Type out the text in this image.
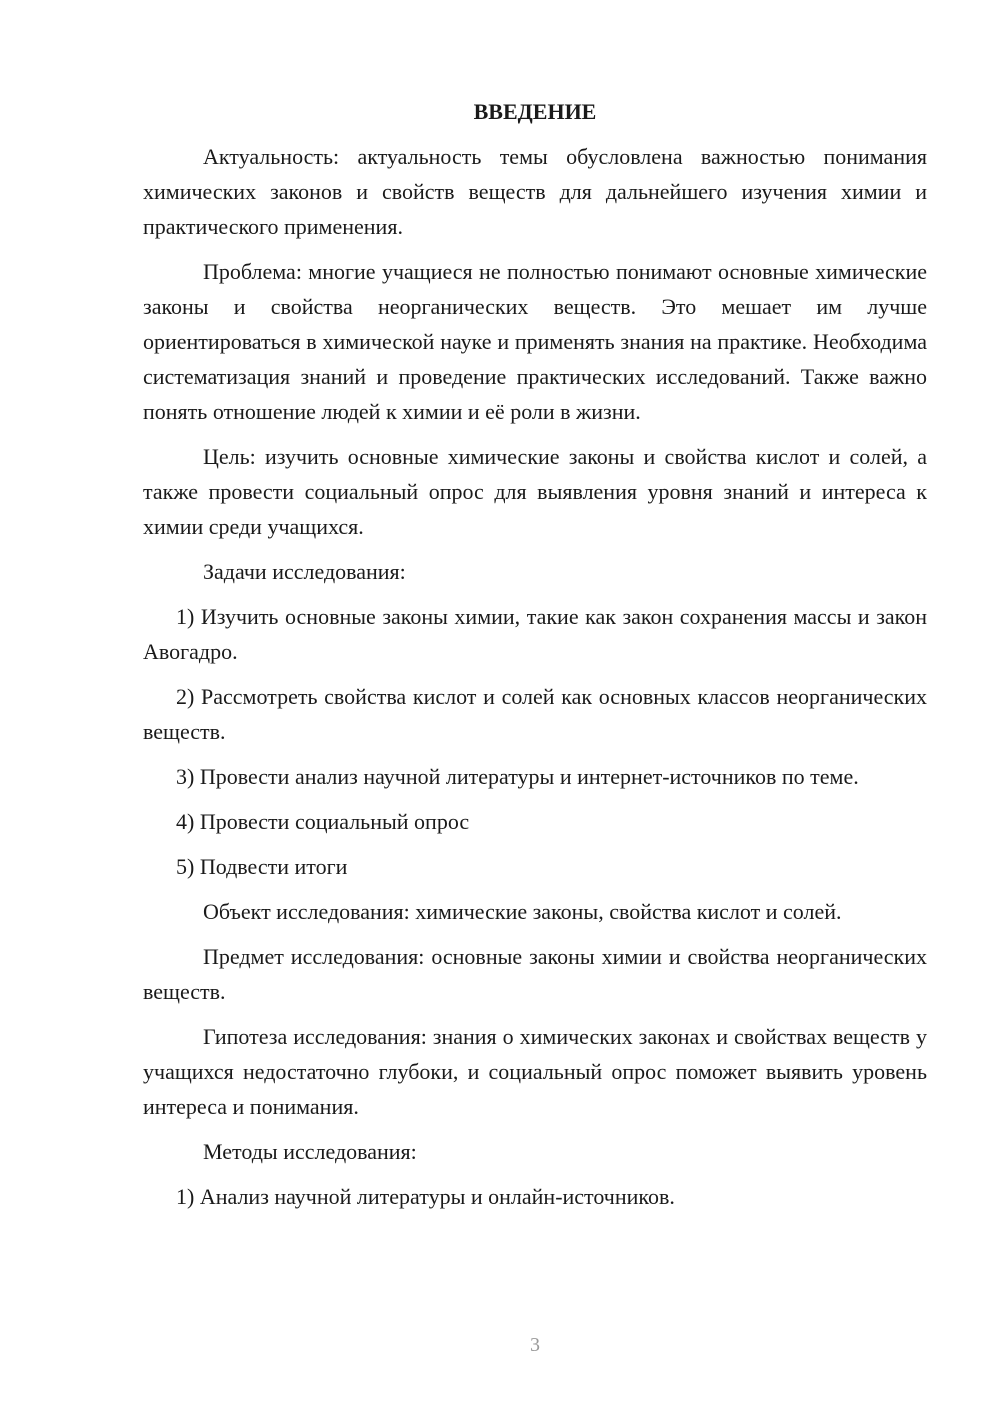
ВВЕДЕНИЕ

Актуальность: актуальность темы обусловлена важностью понимания химических законов и свойств веществ для дальнейшего изучения химии и практического применения.

Проблема: многие учащиеся не полностью понимают основные химические законы и свойства неорганических веществ. Это мешает им лучше ориентироваться в химической науке и применять знания на практике. Необходима систематизация знаний и проведение практических исследований. Также важно понять отношение людей к химии и её роли в жизни.

Цель: изучить основные химические законы и свойства кислот и солей, а также провести социальный опрос для выявления уровня знаний и интереса к химии среди учащихся.

Задачи исследования:

1) Изучить основные законы химии, такие как закон сохранения массы и закон Авогадро.

2) Рассмотреть свойства кислот и солей как основных классов неорганических веществ.

3) Провести анализ научной литературы и интернет-источников по теме.

4) Провести социальный опрос

5) Подвести итоги

Объект исследования: химические законы, свойства кислот и солей.

Предмет исследования: основные законы химии и свойства неорганических веществ.

Гипотеза исследования: знания о химических законах и свойствах веществ у учащихся недостаточно глубоки, и социальный опрос поможет выявить уровень интереса и понимания.

Методы исследования:

1) Анализ научной литературы и онлайн-источников.

3
